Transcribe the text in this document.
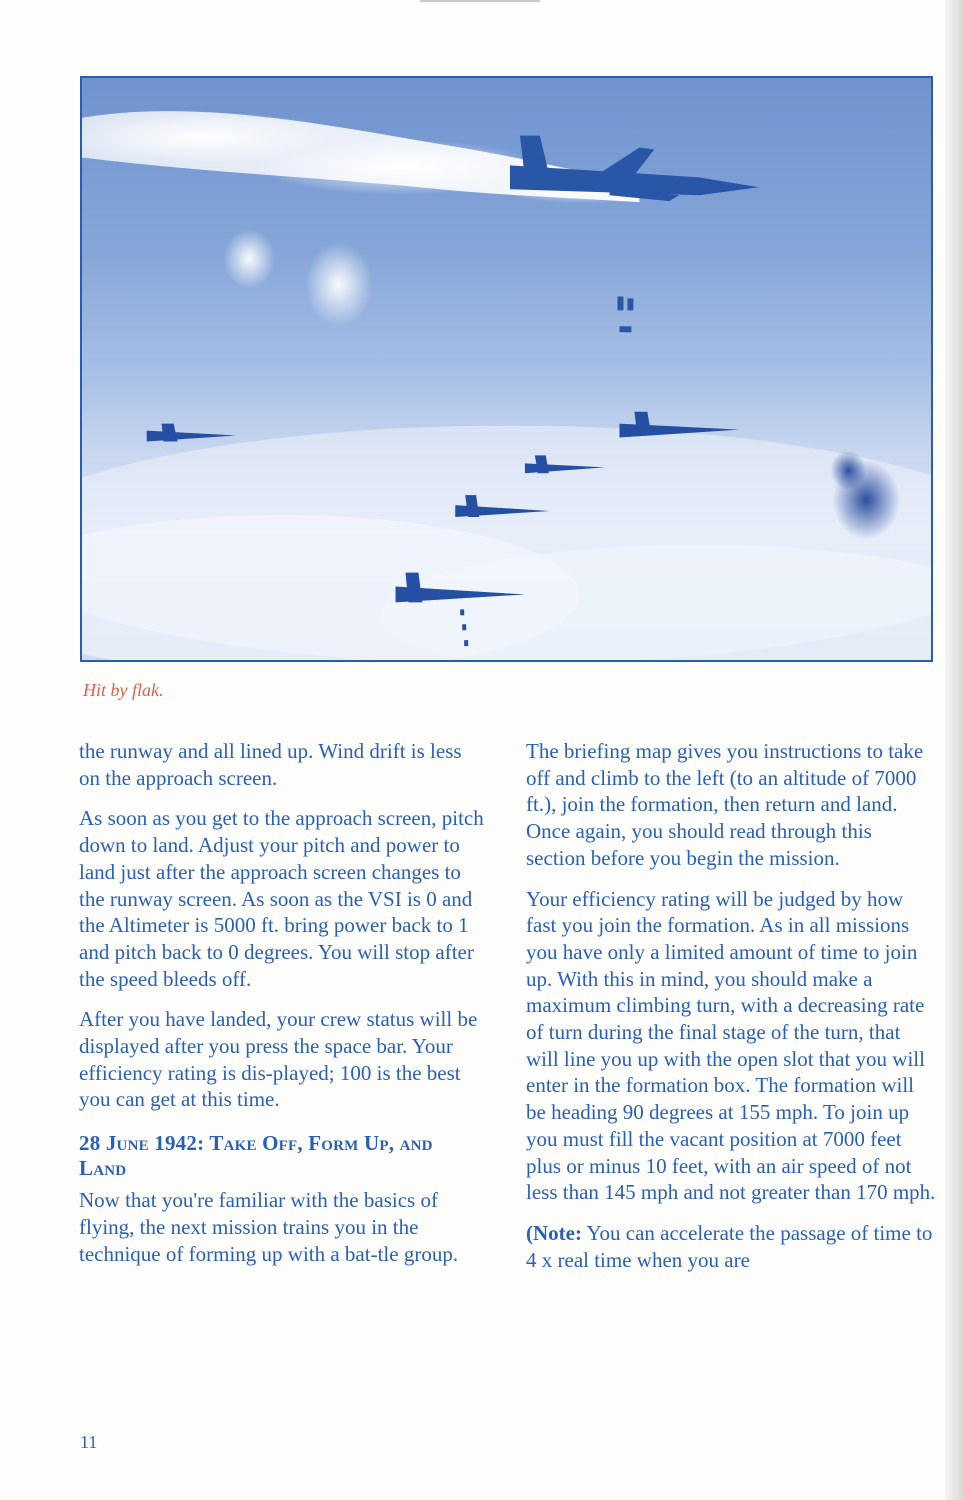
Hit by flak.

the runway and all lined up. Wind drift is less on the approach screen.

As soon as you get to the approach screen, pitch down to land. Adjust your pitch and power to land just after the approach screen changes to the runway screen. As soon as the VSI is 0 and the Altimeter is 5000 ft. bring power back to 1 and pitch back to 0 degrees. You will stop after the speed bleeds off.

After you have landed, your crew status will be displayed after you press the space bar. Your efficiency rating is dis-played; 100 is the best you can get at this time.

28 June 1942: Take Off, Form Up, and Land

Now that you're familiar with the basics of flying, the next mission trains you in the technique of forming up with a bat-tle group.

The briefing map gives you instructions to take off and climb to the left (to an altitude of 7000 ft.), join the formation, then return and land. Once again, you should read through this section before you begin the mission.

Your efficiency rating will be judged by how fast you join the formation. As in all missions you have only a limited amount of time to join up. With this in mind, you should make a maximum climbing turn, with a decreasing rate of turn during the final stage of the turn, that will line you up with the open slot that you will enter in the formation box. The formation will be heading 90 degrees at 155 mph. To join up you must fill the vacant position at 7000 feet plus or minus 10 feet, with an air speed of not less than 145 mph and not greater than 170 mph.

(Note: You can accelerate the passage of time to 4 x real time when you are

11
